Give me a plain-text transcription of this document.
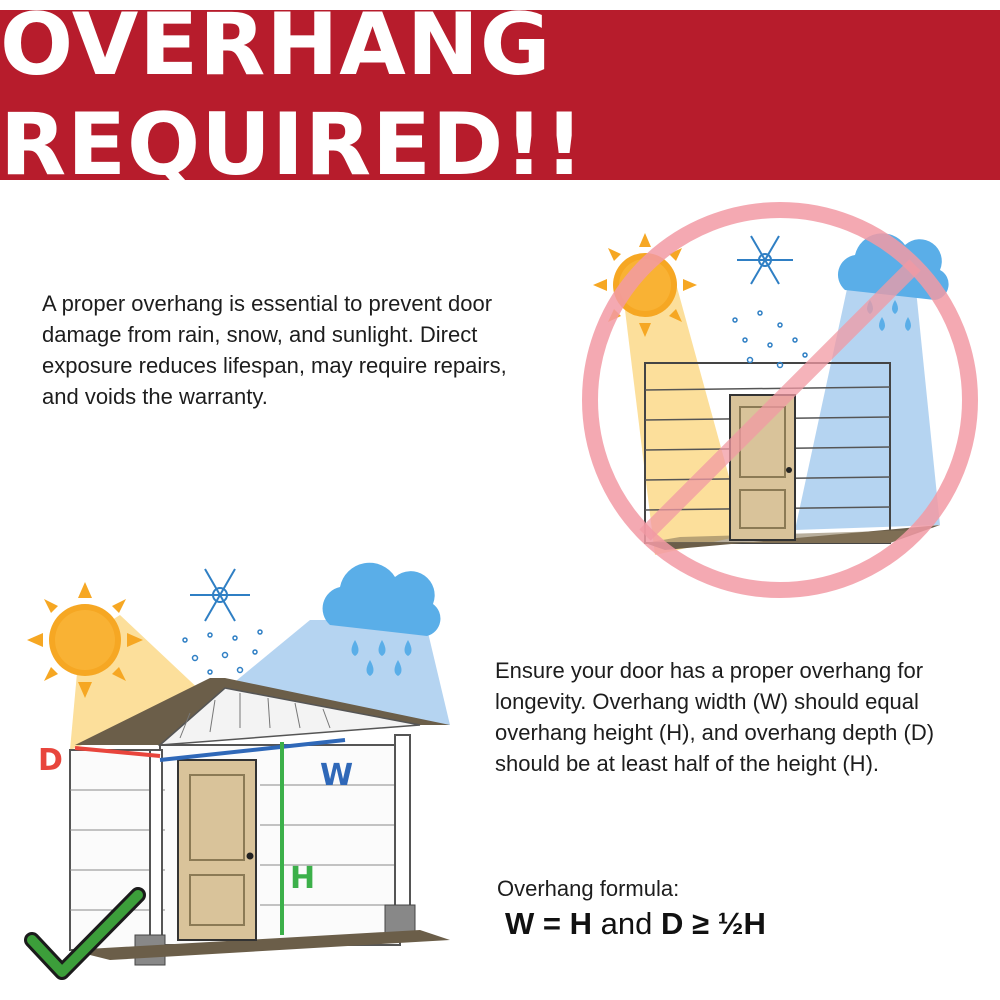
OVERHANG REQUIRED!!

A proper overhang is essential to prevent door damage from rain, snow, and sunlight. Direct exposure reduces lifespan, may require repairs, and voids the warranty.

D	W
H

Ensure your door has a proper overhang for longevity. Overhang width (W) should equal overhang height (H), and overhang depth (D) should be at least half of the height (H).

Overhang formula:
W = H and D ≥ ½H
